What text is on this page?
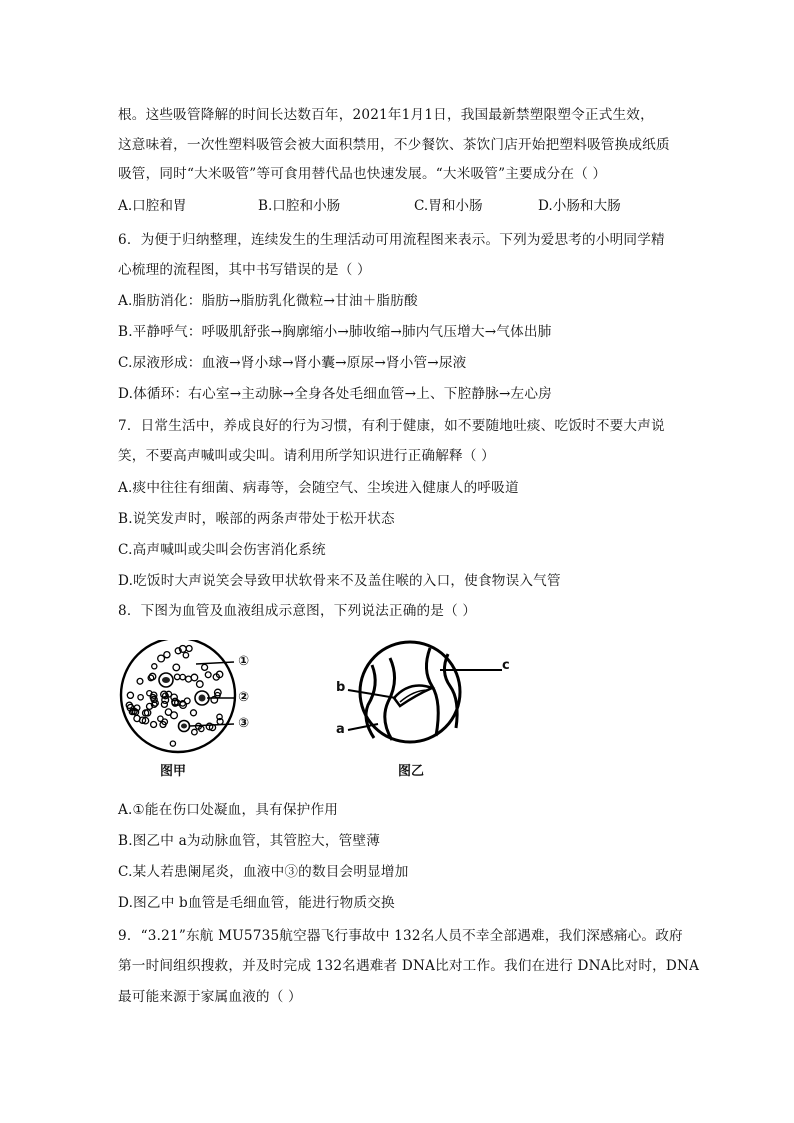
根。这些吸管降解的时间长达数百年，2021年1月1日，我国最新禁塑限塑令正式生效，
这意味着，一次性塑料吸管会被大面积禁用，不少餐饮、茶饮门店开始把塑料吸管换成纸质
吸管，同时“大米吸管”等可食用替代品也快速发展。“大米吸管”主要成分在（ ）
A.口腔和胃	B.口腔和小肠	C.胃和小肠	D.小肠和大肠
6．为便于归纳整理，连续发生的生理活动可用流程图来表示。下列为爱思考的小明同学精
心梳理的流程图，其中书写错误的是（ ）
A.脂肪消化：脂肪→脂肪乳化微粒→甘油＋脂肪酸
B.平静呼气：呼吸肌舒张→胸廓缩小→肺收缩→肺内气压增大→气体出肺
C.尿液形成：血液→肾小球→肾小囊→原尿→肾小管→尿液
D.体循环：右心室→主动脉→全身各处毛细血管→上、下腔静脉→左心房
7．日常生活中，养成良好的行为习惯，有利于健康，如不要随地吐痰、吃饭时不要大声说
笑，不要高声喊叫或尖叫。请利用所学知识进行正确解释（ ）
A.痰中往往有细菌、病毒等，会随空气、尘埃进入健康人的呼吸道
B.说笑发声时，喉部的两条声带处于松开状态
C.高声喊叫或尖叫会伤害消化系统
D.吃饭时大声说笑会导致甲状软骨来不及盖住喉的入口，使食物误入气管
8．下图为血管及血液组成示意图，下列说法正确的是（ ）
①
②
③
c
b
a
图甲	图乙
A.①能在伤口处凝血，具有保护作用
B.图乙中 a为动脉血管，其管腔大，管壁薄
C.某人若患阑尾炎，血液中③的数目会明显增加
D.图乙中 b血管是毛细血管，能进行物质交换
9．“3.21”东航 MU5735航空器飞行事故中 132名人员不幸全部遇难，我们深感痛心。政府
第一时间组织搜救，并及时完成 132名遇难者 DNA比对工作。我们在进行 DNA比对时，DNA
最可能来源于家属血液的（ ）
